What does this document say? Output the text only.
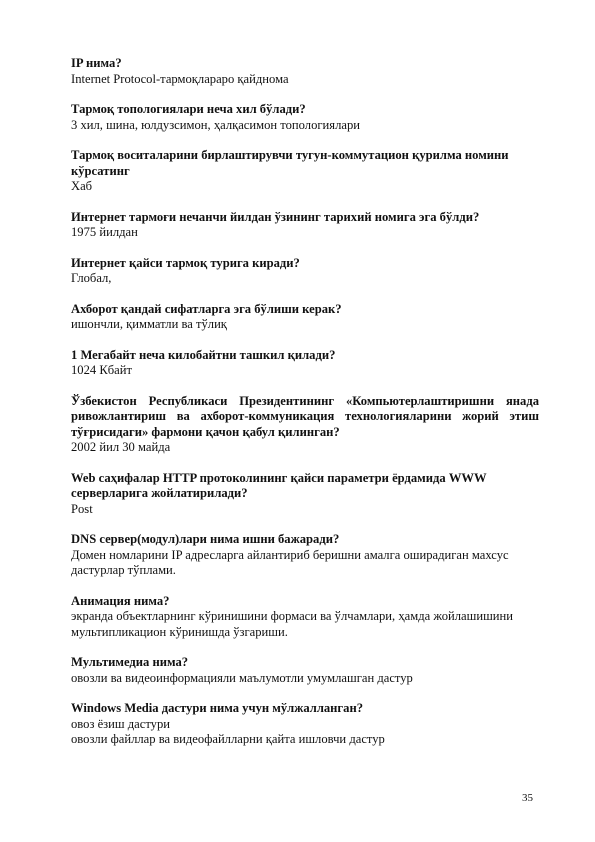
IP нима?

Internet Protocol-тармоқлараро қайдномa

Тармоқ топологиялари неча хил бўлади?

3 хил, шина, юлдузсимон, ҳалқасимон топологиялари

Тармоқ воситаларини бирлаштирувчи тугун-коммутацион қурилма номини кўрсатинг

Хаб

Интернет тармоғи нечанчи йилдан ўзининг тарихий номига эга бўлди?

1975 йилдан

Интернет қайси тармоқ турига киради?

Глобал,

Ахборот қандай сифатларга эга бўлиши керак?

ишончли, қимматли ва тўлиқ

1 Мегабайт неча килобайтни ташкил қилади?

1024 Кбайт

Ўзбекистон Республикаси Президентининг «Компьютерлаштиришни янада ривожлантириш ва ахборот-коммуникация технологияларини жорий этиш тўғрисидаги» фармони қачон қабул қилинган?

2002 йил 30 майда

Web саҳифалар HTTP протоколининг қайси параметри ёрдамида WWW серверларига жойлатирилади?

Post

DNS сервер(модул)лари нима ишни бажаради?

Домен номларини IP адресларга айлантириб беришни амалга оширадиган махсус дастурлар тўплами.

Анимация нима?

экранда объектларнинг кўринишини формаси ва ўлчамлари, ҳамда жойлашишини мультипликацион кўринишда ўзгариши.

Мультимедиа нима?

овозли ва видеоинформацияли маълумотли умумлашган дастур

Windows Media дастури нима учун мўлжалланган?

овоз ёзиш дастури

овозли файллар ва видеофайлларни қайта ишловчи дастур

35
